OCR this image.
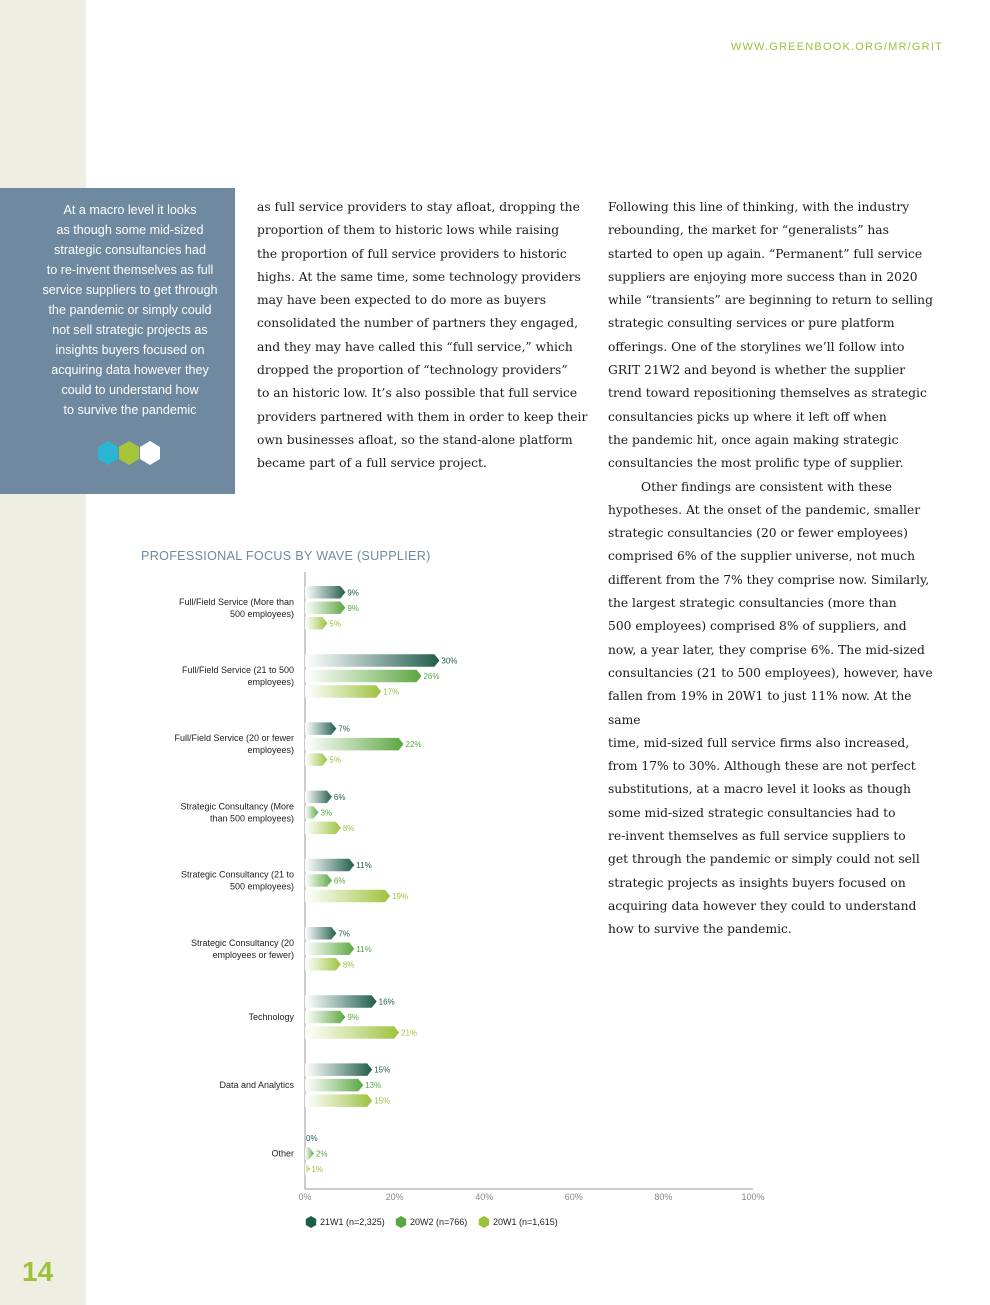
14
WWW.GREENBOOK.ORG/MR/GRIT
At a macro level it looks
as though some mid-sized
strategic consultancies had
to re-invent themselves as full
service suppliers to get through
the pandemic or simply could
not sell strategic projects as
insights buyers focused on
acquiring data however they
could to understand how
to survive the pandemic
as full service providers to stay afloat, dropping the
proportion of them to historic lows while raising
the proportion of full service providers to historic
highs. At the same time, some technology providers
may have been expected to do more as buyers
consolidated the number of partners they engaged,
and they may have called this “full service,” which
dropped the proportion of “technology providers”
to an historic low. It’s also possible that full service
providers partnered with them in order to keep their
own businesses afloat, so the stand-alone platform
became part of a full service project.

Following this line of thinking, with the industry
rebounding, the market for “generalists” has
started to open up again. “Permanent” full service
suppliers are enjoying more success than in 2020
while “transients” are beginning to return to selling
strategic consulting services or pure platform
offerings. One of the storylines we’ll follow into
GRIT 21W2 and beyond is whether the supplier
trend toward repositioning themselves as strategic
consultancies picks up where it left off when
the pandemic hit, once again making strategic
consultancies the most prolific type of supplier.

Other findings are consistent with these
hypotheses. At the onset of the pandemic, smaller
strategic consultancies (20 or fewer employees)
comprised 6% of the supplier universe, not much
different from the 7% they comprise now. Similarly,
the largest strategic consultancies (more than
500 employees) comprised 8% of suppliers, and
now, a year later, they comprise 6%. The mid-sized
consultancies (21 to 500 employees), however, have
fallen from 19% in 20W1 to just 11% now. At the same
time, mid-sized full service firms also increased,
from 17% to 30%. Although these are not perfect
substitutions, at a macro level it looks as though
some mid-sized strategic consultancies had to
re-invent themselves as full service suppliers to
get through the pandemic or simply could not sell
strategic projects as insights buyers focused on
acquiring data however they could to understand
how to survive the pandemic.

PROFESSIONAL FOCUS BY WAVE (SUPPLIER)
0%	20%	40%	60%	80%	100%
Full/Field Service (More than
500 employees)
9%
9%
5%
Full/Field Service (21 to 500
employees)
30%
26%
17%
Full/Field Service (20 or fewer
employees)
7%
22%
5%
Strategic Consultancy (More
than 500 employees)
6%
3%
8%
Strategic Consultancy (21 to
500 employees)
11%
6%
19%
Strategic Consultancy (20
employees or fewer)
7%
11%
8%
Technology
16%
9%
21%
Data and Analytics
15%
13%
15%
Other
0%
2%
1%
21W1 (n=2,325)	20W2 (n=766)	20W1 (n=1,615)
